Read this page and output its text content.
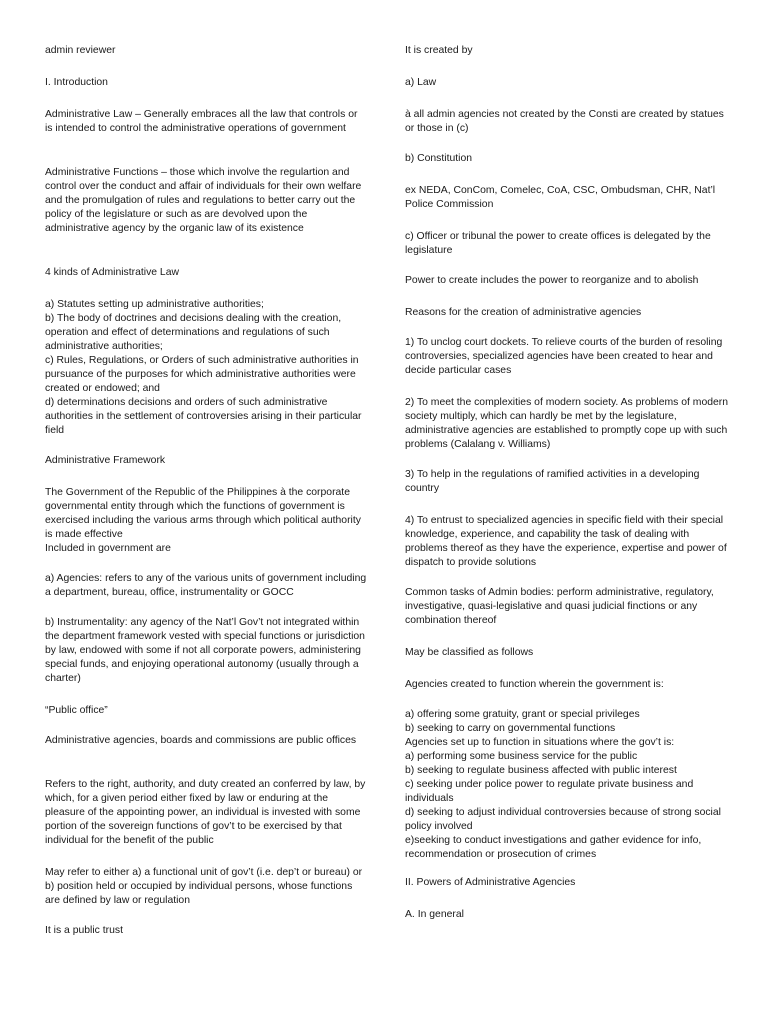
admin reviewer

I. Introduction

Administrative Law – Generally embraces all the law that controls or is intended to control the administrative operations of government

Administrative Functions – those which involve the regulartion and control over the conduct and affair of individuals for their own welfare and the promulgation of rules and regulations to better carry out the policy of the legislature or such as are devolved upon the administrative agency by the organic law of its existence

4 kinds of Administrative Law

a) Statutes setting up administrative authorities;
b) The body of doctrines and decisions dealing with the creation, operation and effect of determinations and regulations of such administrative authorities;
c) Rules, Regulations, or Orders of such administrative authorities in pursuance of the purposes for which administrative authorities were created or endowed; and
d) determinations decisions and orders of such administrative authorities in the settlement of controversies arising in their particular field

Administrative Framework

The Government of the Republic of the Philippines à the corporate governmental entity through which the functions of government is exercised including the various arms through which political authority is made effective
Included in government are

a) Agencies: refers to any of the various units of government including a department, bureau, office, instrumentality or GOCC

b) Instrumentality: any agency of the Nat’l Gov’t not integrated within the department framework vested with special functions or jurisdiction by law, endowed with some if not all corporate powers, administering special funds, and enjoying operational autonomy (usually through a charter)

“Public office”

Administrative agencies, boards and commissions are public offices

Refers to the right, authority, and duty created an conferred by law, by which, for a given period either fixed by law or enduring at the pleasure of the appointing power, an individual is invested with some portion of the sovereign functions of gov’t to be exercised by that individual for the benefit of the public

May refer to either a) a functional unit of gov’t (i.e. dep’t or bureau) or b) position held or occupied by individual persons, whose functions are defined by law or regulation

It is a public trust

It is created by

a) Law

à all admin agencies not created by the Consti are created by statues or those in (c)

b) Constitution

ex NEDA, ConCom, Comelec, CoA, CSC, Ombudsman, CHR, Nat’l Police Commission

c) Officer or tribunal the power to create offices is delegated by the legislature

Power to create includes the power to reorganize and to abolish

Reasons for the creation of administrative agencies

1) To unclog court dockets. To relieve courts of the burden of resoling controversies, specialized agencies have been created to hear and decide particular cases

2) To meet the complexities of modern society. As problems of modern society multiply, which can hardly be met by the legislature, administrative agencies are established to promptly cope up with such problems (Calalang v. Williams)

3) To help in the regulations of ramified activities in a developing country

4) To entrust to specialized agencies in specific field with their special knowledge, experience, and capability the task of dealing with problems thereof as they have the experience, expertise and power of dispatch to provide solutions

Common tasks of Admin bodies: perform administrative, regulatory, investigative, quasi-legislative and quasi judicial finctions or any combination thereof

May be classified as follows

Agencies created to function wherein the government is:

a) offering some gratuity, grant or special privileges
b) seeking to carry on governmental functions
Agencies set up to function in situations where the gov’t is:
a) performing some business service for the public
b) seeking to regulate business affected with public interest
c) seeking under police power to regulate private business and individuals
d) seeking to adjust individual controversies because of strong social policy involved
e)seeking to conduct investigations and gather evidence for info, recommendation or prosecution of crimes

II. Powers of Administrative Agencies

A. In general
